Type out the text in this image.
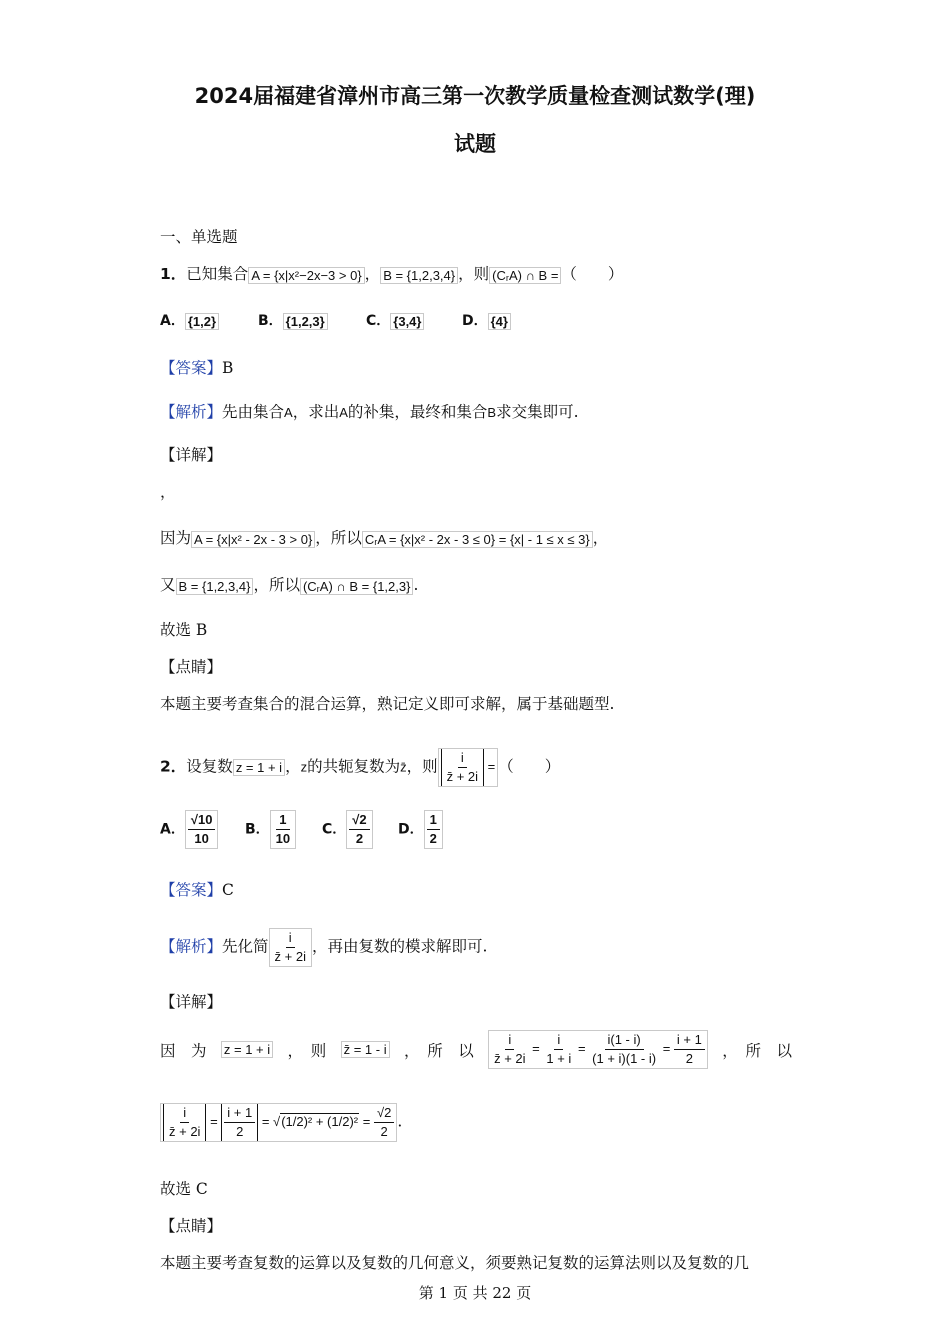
2024届福建省漳州市高三第一次教学质量检查测试数学(理)
试题
一、单选题
1．已知集合 A = {x|x²−2x−3 > 0} ， B = {1,2,3,4} ，则 (CᵣA) ∩ B = （　　）
A． {1,2}	B． {1,2,3}	C． {3,4}	D． {4}
【答案】B
【解析】先由集合A，求出A的补集，最终和集合B求交集即可.
【详解】
，
因为 A = {x|x² - 2x - 3 > 0} ，所以 CᵣA = {x|x² - 2x - 3 ≤ 0} = {x| - 1 ≤ x ≤ 3} ，
又 B = {1,2,3,4} ，所以 (CᵣA) ∩ B = {1,2,3} .
故选 B
【点睛】
本题主要考查集合的混合运算，熟记定义即可求解，属于基础题型.
2．设复数 z = 1 + i ，z的共轭复数为z̄，则 $\frac{i}{z̄ + 2i}$ = （　　）
A． $\frac{√10}{10}$ B． $\frac{1}{10}$ C． $\frac{√2}{2}$ D． $\frac{1}{2}$
【答案】C
【解析】先化简 $\frac{i}{z̄ + 2i}$ ，再由复数的模求解即可.
【详解】
因　为 z = 1 + i ，　则 z̄ = 1 - i ，　所　以 $\frac{i}{z̄ + 2i} = \frac{i}{1 + i} = \frac{i(1 - i)}{(1 + i)(1 - i)} = \frac{i + 1}{2}$ ，　所　以
$\frac{i}{z̄ + 2i} = \frac{i + 1}{2} = √(1/2)^2 + (1/2)^2 = \frac{√2}{2}$ .
故选 C
【点睛】
本题主要考查复数的运算以及复数的几何意义，须要熟记复数的运算法则以及复数的几
第 1 页 共 22 页
